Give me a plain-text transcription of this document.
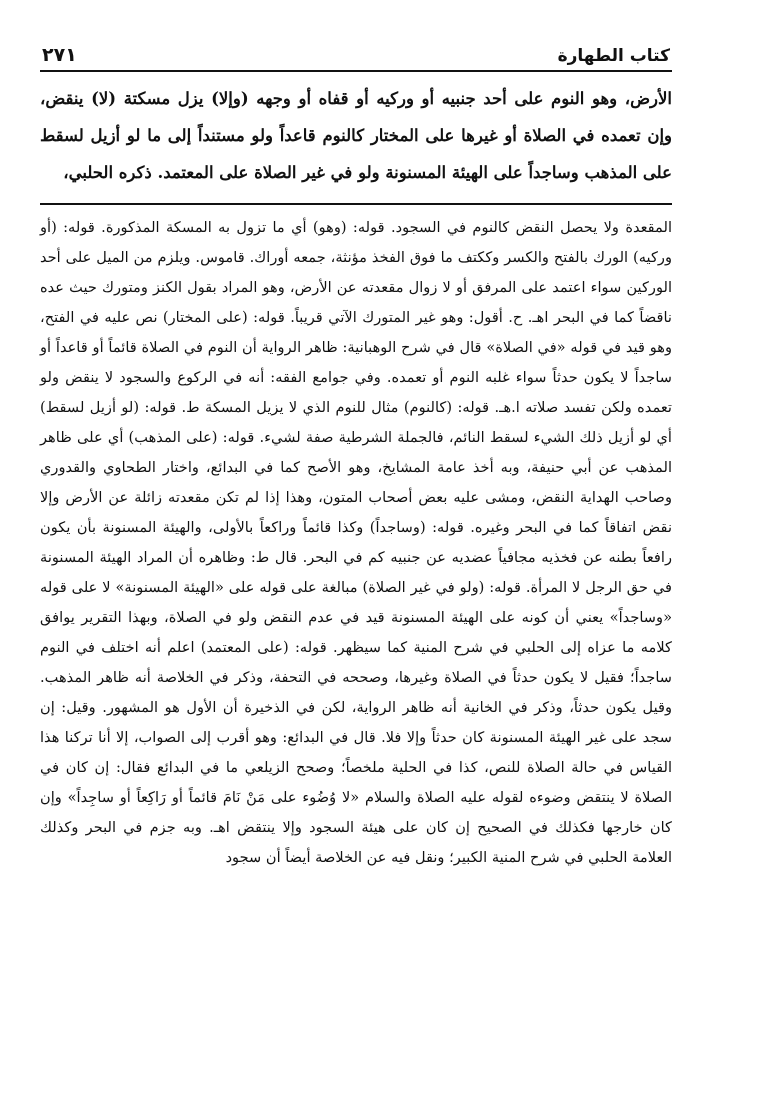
كتاب الطهارة
٢٧١

الأرض، وهو النوم على أحد جنبيه أو وركيه أو قفاه أو وجهه (وإلا) يزل مسكتة (لا) ينقض، وإن تعمده في الصلاة أو غيرها على المختار كالنوم قاعداً ولو مستنداً إلى ما لو أزيل لسقط على المذهب وساجداً على الهيئة المسنونة ولو في غير الصلاة على المعتمد. ذكره الحلبي،

المقعدة ولا يحصل النقض كالنوم في السجود. قوله: (وهو) أي ما تزول به المسكة المذكورة. قوله: (أو وركيه) الورك بالفتح والكسر وككتف ما فوق الفخذ مؤنثة، جمعه أوراك. قاموس. ويلزم من الميل على أحد الوركين سواء اعتمد على المرفق أو لا زوال مقعدته عن الأرض، وهو المراد بقول الكنز ومتورك حيث عده ناقضاً كما في البحر اهـ. ح. أقول: وهو غير المتورك الآتي قريباً. قوله: (على المختار) نص عليه في الفتح، وهو قيد في قوله «في الصلاة» قال في شرح الوهبانية: ظاهر الرواية أن النوم في الصلاة قائماً أو قاعداً أو ساجداً لا يكون حدثاً سواء غلبه النوم أو تعمده. وفي جوامع الفقه: أنه في الركوع والسجود لا ينقض ولو تعمده ولكن تفسد صلاته ا.هـ. قوله: (كالنوم) مثال للنوم الذي لا يزيل المسكة ط. قوله: (لو أزيل لسقط) أي لو أزيل ذلك الشيء لسقط النائم، فالجملة الشرطية صفة لشيء. قوله: (على المذهب) أي على ظاهر المذهب عن أبي حنيفة، وبه أخذ عامة المشايخ، وهو الأصح كما في البدائع، واختار الطحاوي والقدوري وصاحب الهداية النقض، ومشى عليه بعض أصحاب المتون، وهذا إذا لم تكن مقعدته زائلة عن الأرض وإلا نقض اتفاقاً كما في البحر وغيره. قوله: (وساجداً) وكذا قائماً وراكعاً بالأولى، والهيئة المسنونة بأن يكون رافعاً بطنه عن فخذيه مجافياً عضديه عن جنبيه كم في البحر. قال ط: وظاهره أن المراد الهيئة المسنونة في حق الرجل لا المرأة. قوله: (ولو في غير الصلاة) مبالغة على قوله على «الهيئة المسنونة» لا على قوله «وساجداً» يعني أن كونه على الهيئة المسنونة قيد في عدم النقض ولو في الصلاة، وبهذا التقرير يوافق كلامه ما عزاه إلى الحلبي في شرح المنية كما سيظهر. قوله: (على المعتمد) اعلم أنه اختلف في النوم ساجداً؛ فقيل لا يكون حدثاً في الصلاة وغيرها، وصححه في التحفة، وذكر في الخلاصة أنه ظاهر المذهب. وقيل يكون حدثاً، وذكر في الخانية أنه ظاهر الرواية، لكن في الذخيرة أن الأول هو المشهور. وقيل: إن سجد على غير الهيئة المسنونة كان حدثاً وإلا فلا. قال في البدائع: وهو أقرب إلى الصواب، إلا أنا تركنا هذا القياس في حالة الصلاة للنص، كذا في الحلية ملخصاً؛ وصحح الزيلعي ما في البدائع فقال: إن كان في الصلاة لا ينتقض وضوءه لقوله عليه الصلاة والسلام «لا وُضُوء على مَنْ نَامَ قائماً أو رَاكِعاً أو ساجِداً» وإن كان خارجها فكذلك في الصحيح إن كان على هيئة السجود وإلا ينتقض اهـ. وبه جزم في البحر وكذلك العلامة الحلبي في شرح المنية الكبير؛ ونقل فيه عن الخلاصة أيضاً أن سجود
